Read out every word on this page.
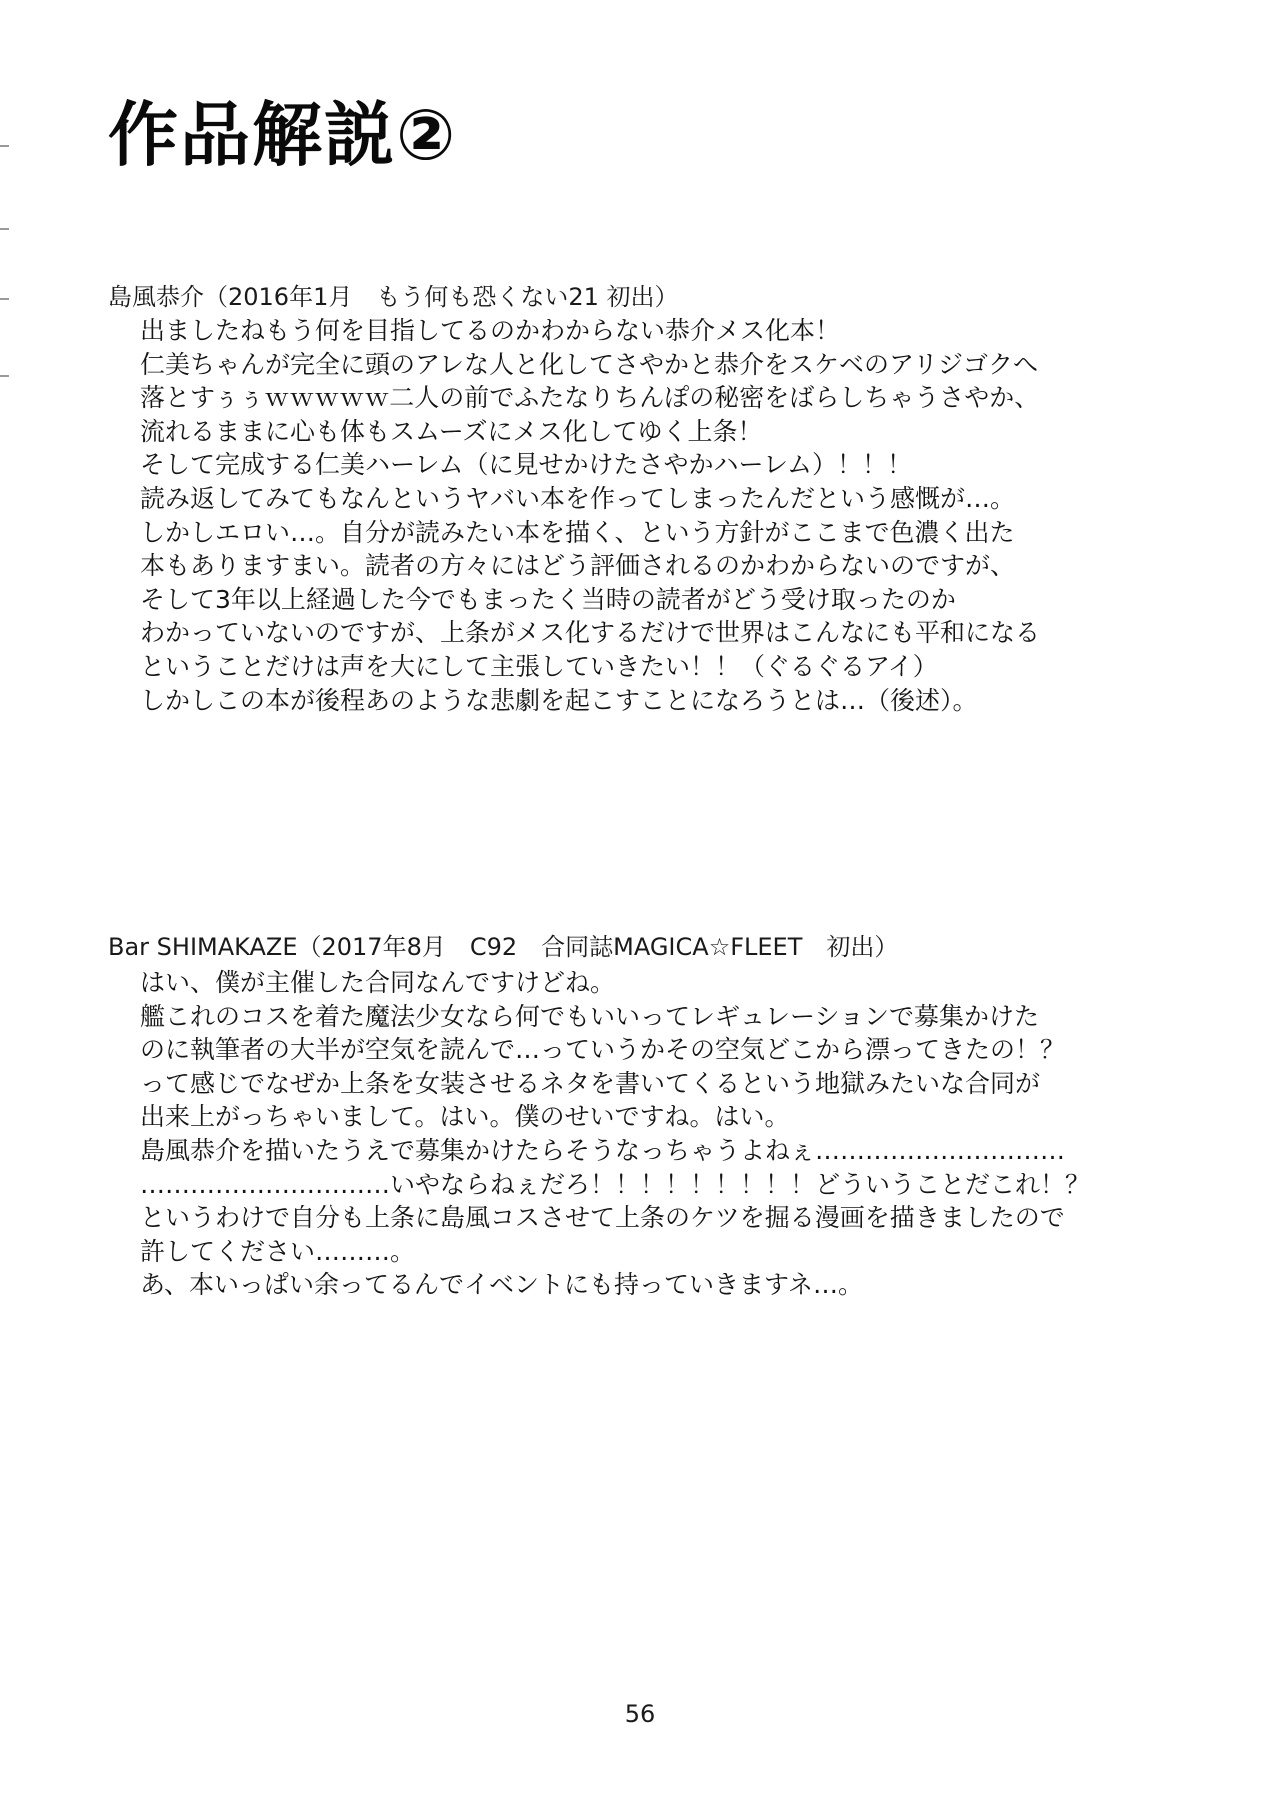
作品解説②
島風恭介（2016年1月　もう何も恐くない21 初出）
出ましたねもう何を目指してるのかわからない恭介メス化本！
仁美ちゃんが完全に頭のアレな人と化してさやかと恭介をスケベのアリジゴクへ
落とすぅぅｗｗｗｗｗ二人の前でふたなりちんぽの秘密をばらしちゃうさやか、
流れるままに心も体もスムーズにメス化してゆく上条！
そして完成する仁美ハーレム（に見せかけたさやかハーレム）！！！
読み返してみてもなんというヤバい本を作ってしまったんだという感慨が…。
しかしエロい…。自分が読みたい本を描く、という方針がここまで色濃く出た
本もありますまい。読者の方々にはどう評価されるのかわからないのですが、
そして3年以上経過した今でもまったく当時の読者がどう受け取ったのか
わかっていないのですが、上条がメス化するだけで世界はこんなにも平和になる
ということだけは声を大にして主張していきたい！！（ぐるぐるアイ）
しかしこの本が後程あのような悲劇を起こすことになろうとは…（後述）。
Bar SHIMAKAZE（2017年8月　C92　合同誌MAGICA☆FLEET　初出）
はい、僕が主催した合同なんですけどね。
艦これのコスを着た魔法少女なら何でもいいってレギュレーションで募集かけた
のに執筆者の大半が空気を読んで…っていうかその空気どこから漂ってきたの！？
って感じでなぜか上条を女装させるネタを書いてくるという地獄みたいな合同が
出来上がっちゃいまして。はい。僕のせいですね。はい。
島風恭介を描いたうえで募集かけたらそうなっちゃうよねぇ…………………………
…………………………いやならねぇだろ！！！！！！！！！どういうことだこれ！？
というわけで自分も上条に島風コスさせて上条のケツを掘る漫画を描きましたので
許してください………。
あ、本いっぱい余ってるんでイベントにも持っていきますネ…。
56
